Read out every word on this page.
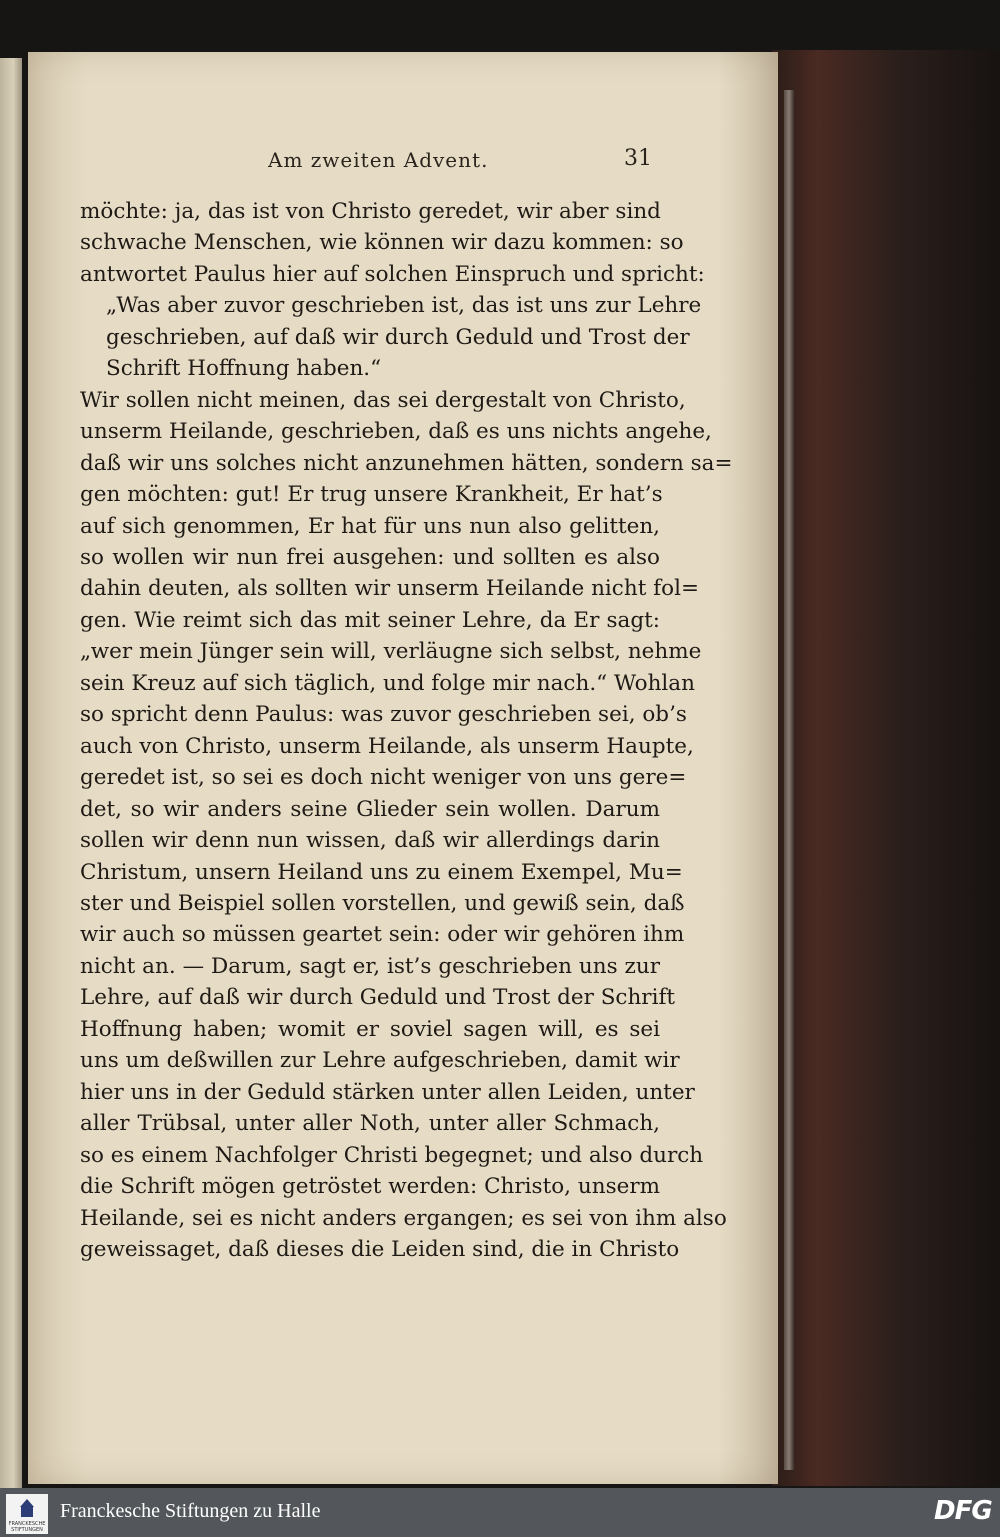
Am zweiten Advent.	31
möchte: ja, das ist von Christo geredet, wir aber sind
schwache Menschen, wie können wir dazu kommen: so
antwortet Paulus hier auf solchen Einspruch und spricht:
„Was aber zuvor geschrieben ist, das ist uns zur Lehre
geschrieben, auf daß wir durch Geduld und Trost der
Schrift Hoffnung haben.“
Wir sollen nicht meinen, das sei dergestalt von Christo,
unserm Heilande, geschrieben, daß es uns nichts angehe,
daß wir uns solches nicht anzunehmen hätten, sondern sa=
gen möchten: gut! Er trug unsere Krankheit, Er hat’s
auf sich genommen, Er hat für uns nun also gelitten,
so wollen wir nun frei ausgehen: und sollten es also
dahin deuten, als sollten wir unserm Heilande nicht fol=
gen. Wie reimt sich das mit seiner Lehre, da Er sagt:
„wer mein Jünger sein will, verläugne sich selbst, nehme
sein Kreuz auf sich täglich, und folge mir nach.“ Wohlan
so spricht denn Paulus: was zuvor geschrieben sei, ob’s
auch von Christo, unserm Heilande, als unserm Haupte,
geredet ist, so sei es doch nicht weniger von uns gere=
det, so wir anders seine Glieder sein wollen. Darum
sollen wir denn nun wissen, daß wir allerdings darin
Christum, unsern Heiland uns zu einem Exempel, Mu=
ster und Beispiel sollen vorstellen, und gewiß sein, daß
wir auch so müssen geartet sein: oder wir gehören ihm
nicht an. — Darum, sagt er, ist’s geschrieben uns zur
Lehre, auf daß wir durch Geduld und Trost der Schrift
Hoffnung haben; womit er soviel sagen will, es sei
uns um deßwillen zur Lehre aufgeschrieben, damit wir
hier uns in der Geduld stärken unter allen Leiden, unter
aller Trübsal, unter aller Noth, unter aller Schmach,
so es einem Nachfolger Christi begegnet; und also durch
die Schrift mögen getröstet werden: Christo, unserm
Heilande, sei es nicht anders ergangen; es sei von ihm also
geweissaget, daß dieses die Leiden sind, die in Christo
FRANCKESCHE STIFTUNGEN
Franckesche Stiftungen zu Halle	DFG
